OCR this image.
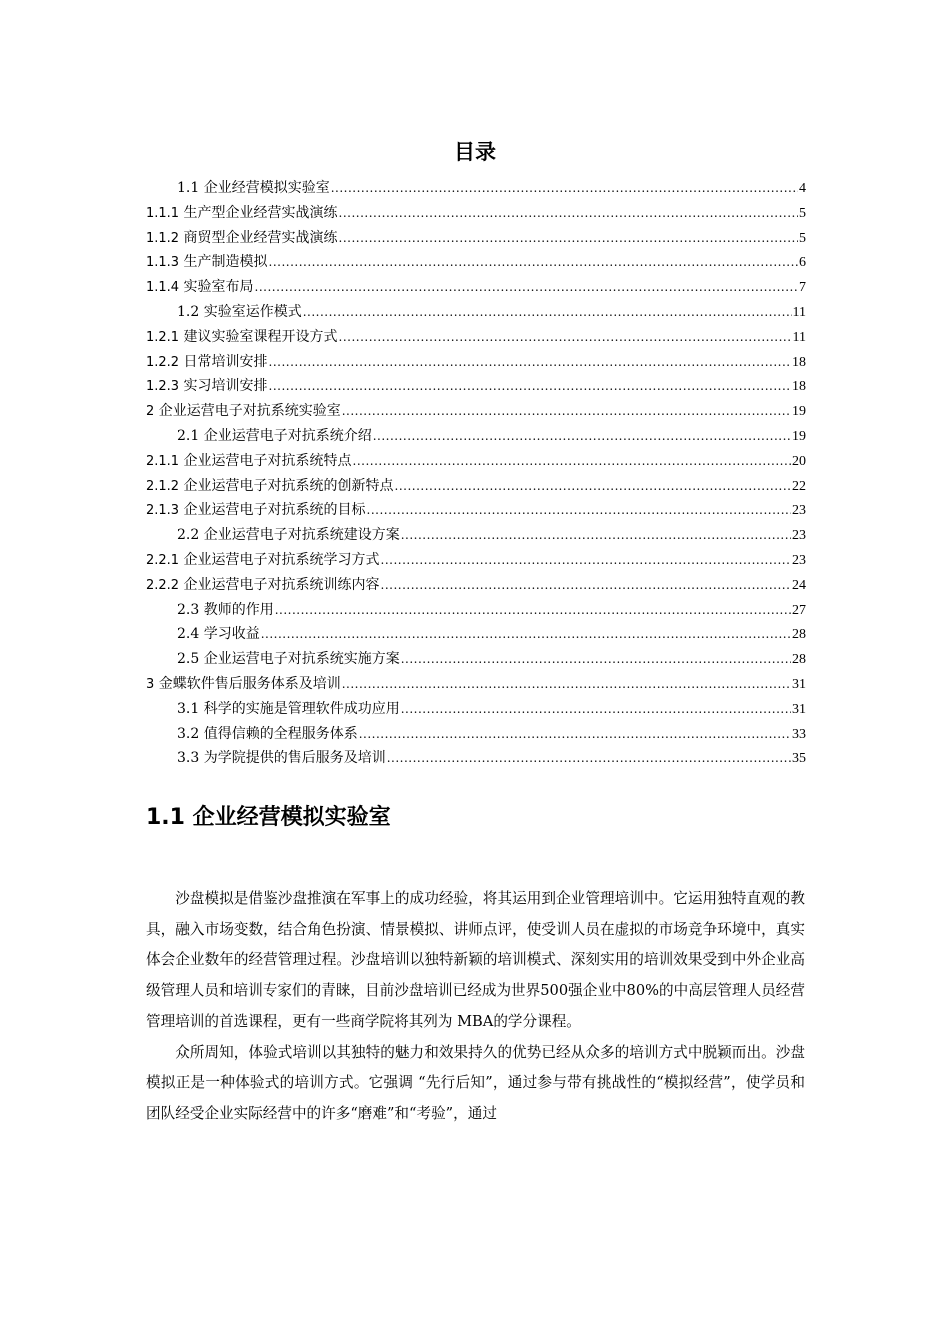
目录
1.1 企业经营模拟实验室 .....	4
1.1.1 生产型企业经营实战演练 .....	5
1.1.2 商贸型企业经营实战演练 .....	5
1.1.3 生产制造模拟 .....	6
1.1.4 实验室布局 .....	7
1.2 实验室运作模式 .....	11
1.2.1 建议实验室课程开设方式 .....	11
1.2.2 日常培训安排 .....	18
1.2.3 实习培训安排 .....	18
2 企业运营电子对抗系统实验室 .....	19
2.1 企业运营电子对抗系统介绍 .....	19
2.1.1 企业运营电子对抗系统特点 .....	20
2.1.2 企业运营电子对抗系统的创新特点 .....	22
2.1.3 企业运营电子对抗系统的目标 .....	23
2.2 企业运营电子对抗系统建设方案 .....	23
2.2.1 企业运营电子对抗系统学习方式 .....	23
2.2.2 企业运营电子对抗系统训练内容 .....	24
2.3 教师的作用 .....	27
2.4 学习收益 .....	28
2.5 企业运营电子对抗系统实施方案 .....	28
3 金蝶软件售后服务体系及培训 .....	31
3.1 科学的实施是管理软件成功应用 .....	31
3.2 值得信赖的全程服务体系 .....	33
3.3 为学院提供的售后服务及培训 .....	35
1.1 企业经营模拟实验室

沙盘模拟是借鉴沙盘推演在军事上的成功经验，将其运用到企业管理培训中。它运用独特直观的教具，融入市场变数，结合角色扮演、情景模拟、讲师点评，使受训人员在虚拟的市场竞争环境中，真实体会企业数年的经营管理过程。沙盘培训以独特新颖的培训模式、深刻实用的培训效果受到中外企业高级管理人员和培训专家们的青睐，目前沙盘培训已经成为世界500强企业中80%的中高层管理人员经营管理培训的首选课程，更有一些商学院将其列为 MBA的学分课程。

众所周知，体验式培训以其独特的魅力和效果持久的优势已经从众多的培训方式中脱颖而出。沙盘模拟正是一种体验式的培训方式。它强调 “先行后知”，通过参与带有挑战性的“模拟经营”，使学员和团队经受企业实际经营中的许多“磨难”和“考验”，通过
